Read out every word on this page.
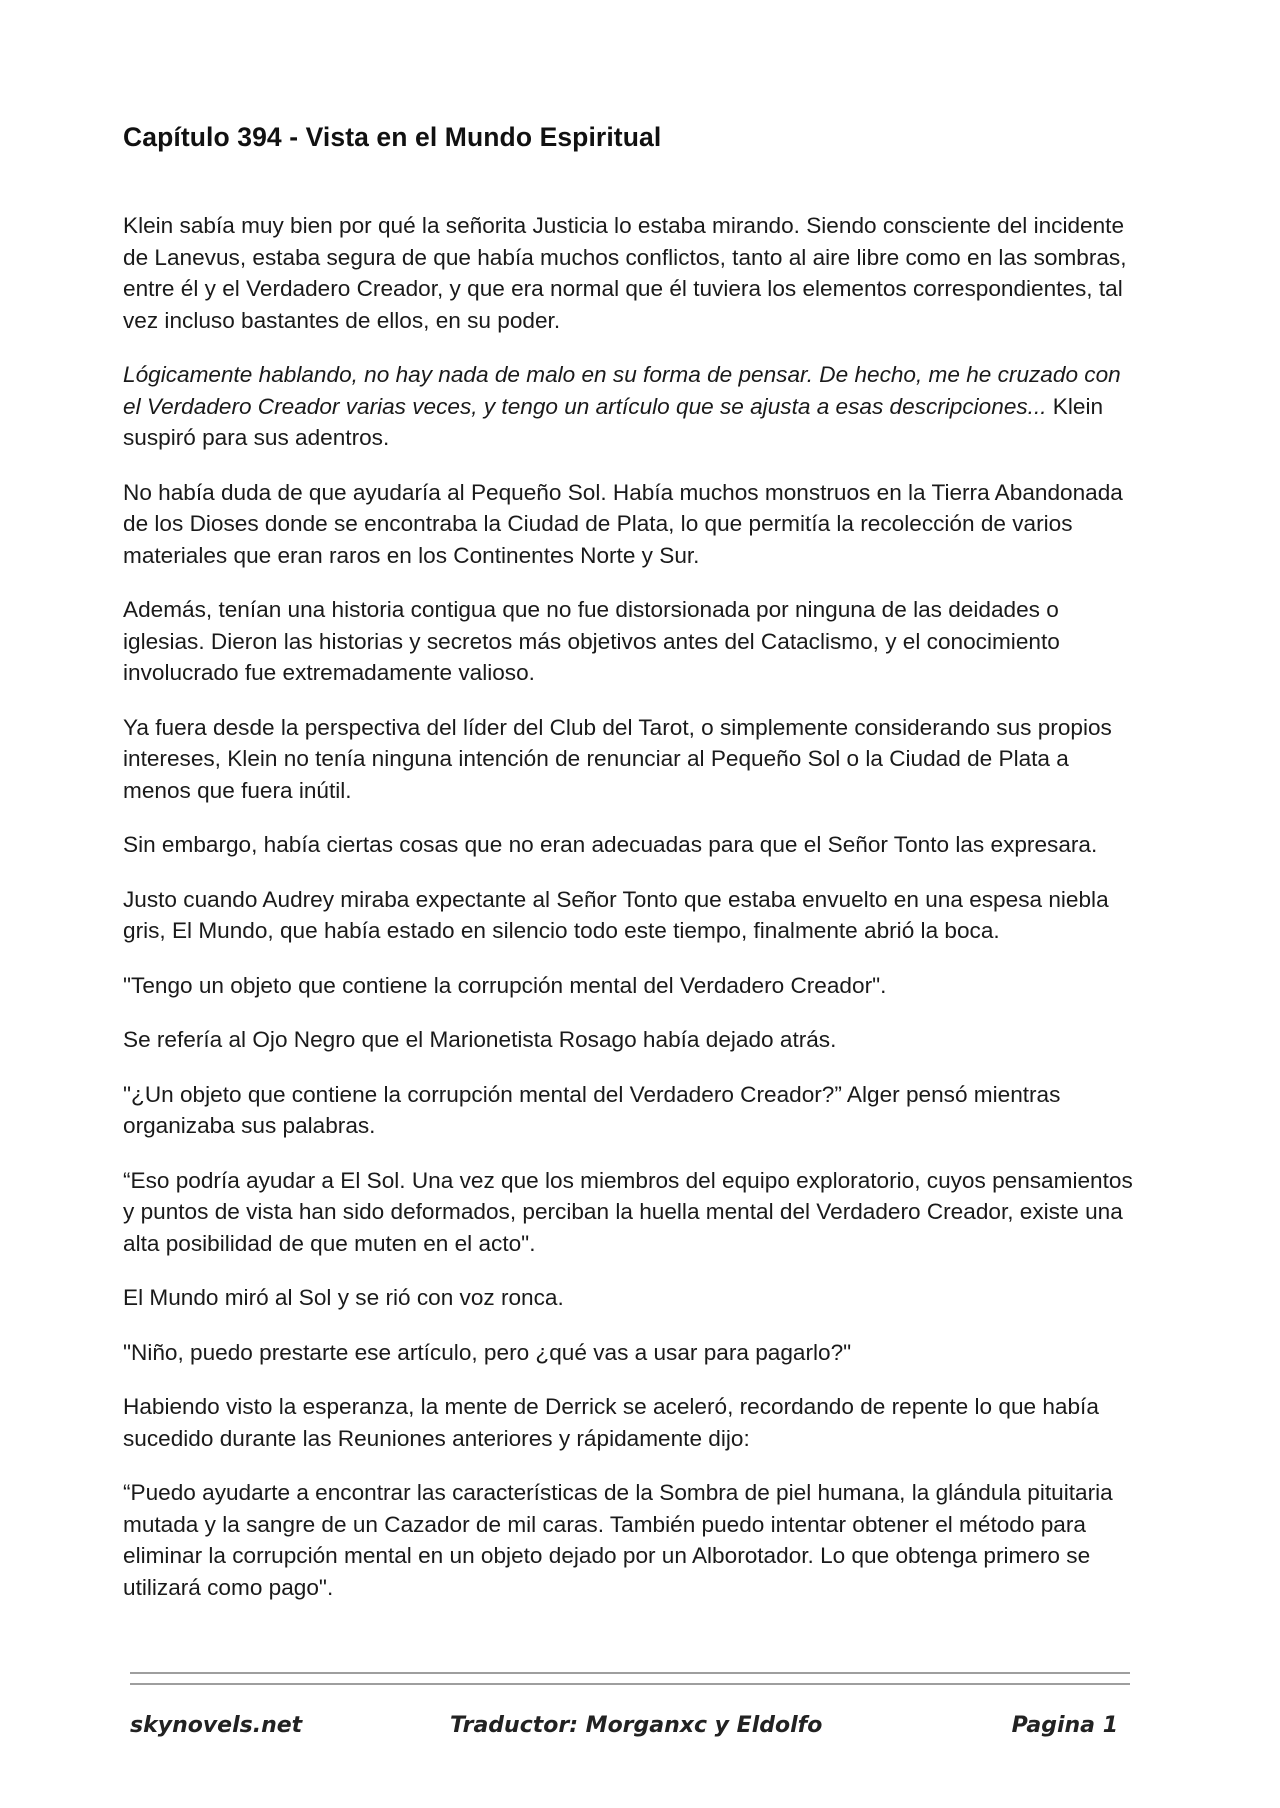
Capítulo 394 - Vista en el Mundo Espiritual

Klein sabía muy bien por qué la señorita Justicia lo estaba mirando. Siendo consciente del incidente de Lanevus, estaba segura de que había muchos conflictos, tanto al aire libre como en las sombras, entre él y el Verdadero Creador, y que era normal que él tuviera los elementos correspondientes, tal vez incluso bastantes de ellos, en su poder.

Lógicamente hablando, no hay nada de malo en su forma de pensar. De hecho, me he cruzado con el Verdadero Creador varias veces, y tengo un artículo que se ajusta a esas descripciones... Klein suspiró para sus adentros.

No había duda de que ayudaría al Pequeño Sol. Había muchos monstruos en la Tierra Abandonada de los Dioses donde se encontraba la Ciudad de Plata, lo que permitía la recolección de varios materiales que eran raros en los Continentes Norte y Sur.

Además, tenían una historia contigua que no fue distorsionada por ninguna de las deidades o iglesias. Dieron las historias y secretos más objetivos antes del Cataclismo, y el conocimiento involucrado fue extremadamente valioso.

Ya fuera desde la perspectiva del líder del Club del Tarot, o simplemente considerando sus propios intereses, Klein no tenía ninguna intención de renunciar al Pequeño Sol o la Ciudad de Plata a menos que fuera inútil.

Sin embargo, había ciertas cosas que no eran adecuadas para que el Señor Tonto las expresara.

Justo cuando Audrey miraba expectante al Señor Tonto que estaba envuelto en una espesa niebla gris, El Mundo, que había estado en silencio todo este tiempo, finalmente abrió la boca.

"Tengo un objeto que contiene la corrupción mental del Verdadero Creador".

Se refería al Ojo Negro que el Marionetista Rosago había dejado atrás.

"¿Un objeto que contiene la corrupción mental del Verdadero Creador?” Alger pensó mientras organizaba sus palabras.

“Eso podría ayudar a El Sol. Una vez que los miembros del equipo exploratorio, cuyos pensamientos y puntos de vista han sido deformados, perciban la huella mental del Verdadero Creador, existe una alta posibilidad de que muten en el acto".

El Mundo miró al Sol y se rió con voz ronca.

"Niño, puedo prestarte ese artículo, pero ¿qué vas a usar para pagarlo?"

Habiendo visto la esperanza, la mente de Derrick se aceleró, recordando de repente lo que había sucedido durante las Reuniones anteriores y rápidamente dijo:

“Puedo ayudarte a encontrar las características de la Sombra de piel humana, la glándula pituitaria mutada y la sangre de un Cazador de mil caras. También puedo intentar obtener el método para eliminar la corrupción mental en un objeto dejado por un Alborotador. Lo que obtenga primero se utilizará como pago".

skynovels.net	Traductor: Morganxc y Eldolfo	Pagina 1
